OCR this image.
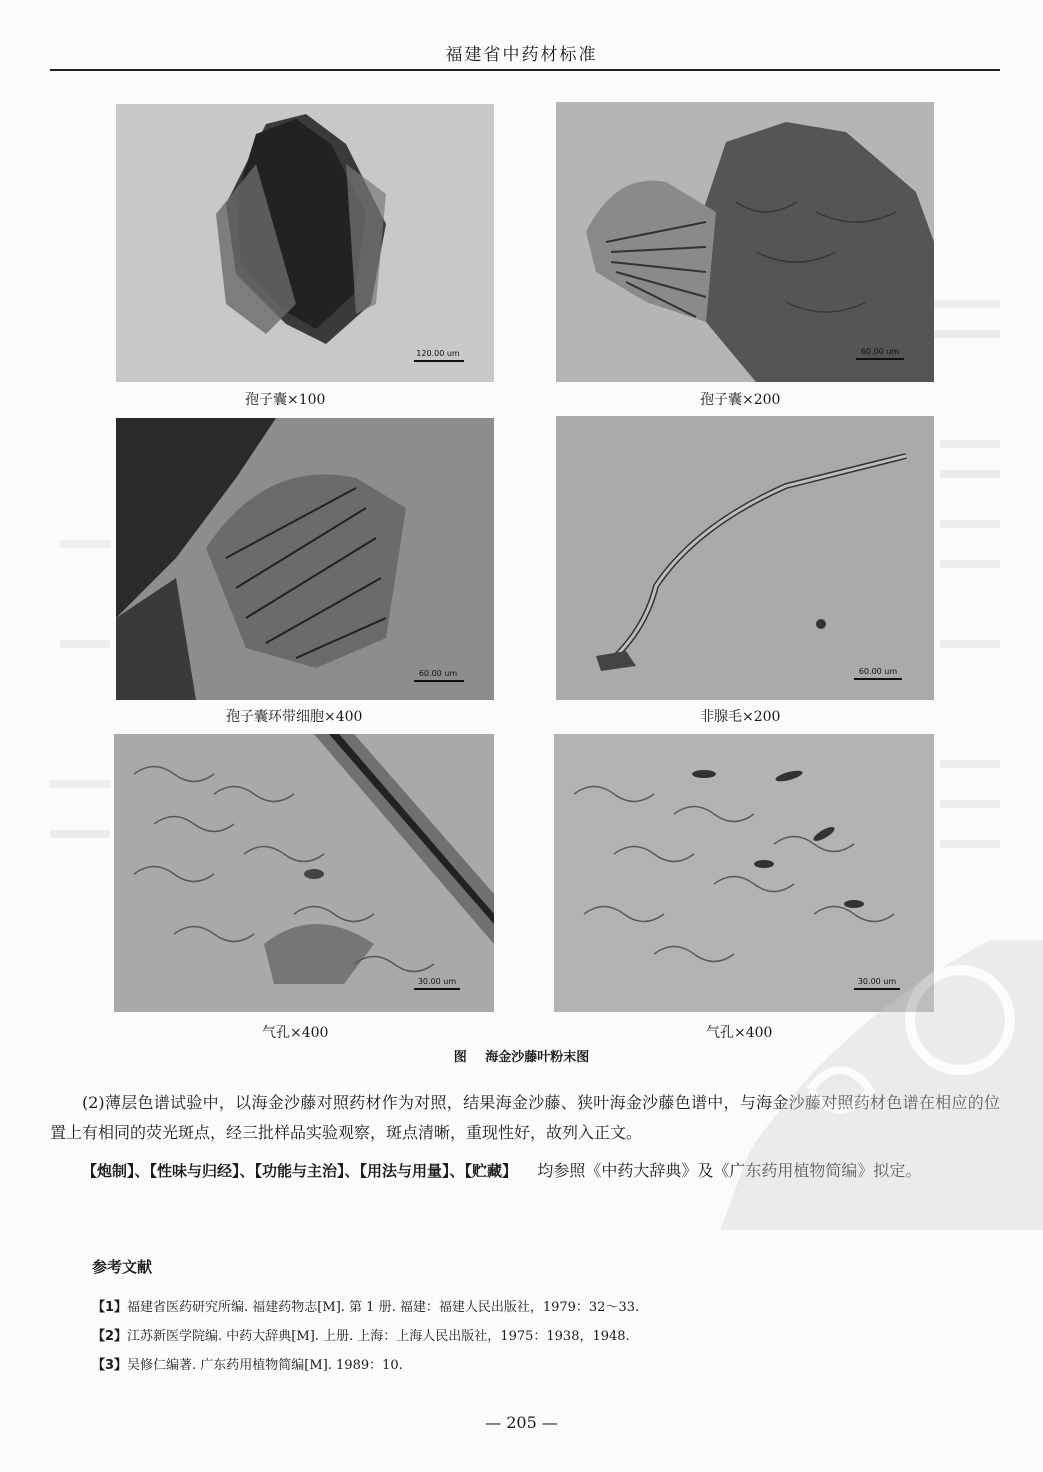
福建省中药材标准
120.00 um
孢子囊×100
60.00 um
孢子囊×200
60.00 um
孢子囊环带细胞×400
60.00 um
非腺毛×200
30.00 um
气孔×400
30.00 um
气孔×400
图 海金沙藤叶粉末图
(2)薄层色谱试验中，以海金沙藤对照药材作为对照，结果海金沙藤、狭叶海金沙藤色谱中，与海金沙藤对照药材色谱在相应的位置上有相同的荧光斑点，经三批样品实验观察，斑点清晰，重现性好，故列入正文。
【炮制】、【性味与归经】、【功能与主治】、【用法与用量】、【贮藏】 均参照《中药大辞典》及《广东药用植物简编》拟定。
参考文献
【1】福建省医药研究所编. 福建药物志[M]. 第 1 册. 福建：福建人民出版社，1979：32～33.
【2】江苏新医学院编. 中药大辞典[M]. 上册. 上海：上海人民出版社，1975：1938，1948.
【3】吴修仁编著. 广东药用植物简编[M]. 1989：10.
— 205 —
